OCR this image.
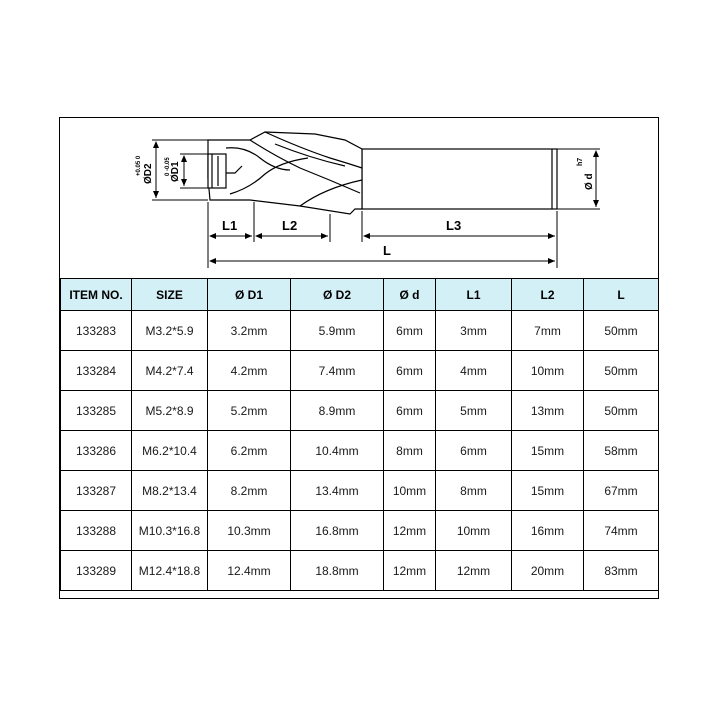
L1	L2	L3
L
ØD2
+0.05 0	ØD1
0 -0.05
Ø d
h7
ITEM NO.	SIZE	Ø D1	Ø D2	Ø d	L1	L2	L
133283	M3.2*5.9	3.2mm	5.9mm	6mm	3mm	7mm	50mm
133284	M4.2*7.4	4.2mm	7.4mm	6mm	4mm	10mm	50mm
133285	M5.2*8.9	5.2mm	8.9mm	6mm	5mm	13mm	50mm
133286	M6.2*10.4	6.2mm	10.4mm	8mm	6mm	15mm	58mm
133287	M8.2*13.4	8.2mm	13.4mm	10mm	8mm	15mm	67mm
133288	M10.3*16.8	10.3mm	16.8mm	12mm	10mm	16mm	74mm
133289	M12.4*18.8	12.4mm	18.8mm	12mm	12mm	20mm	83mm
